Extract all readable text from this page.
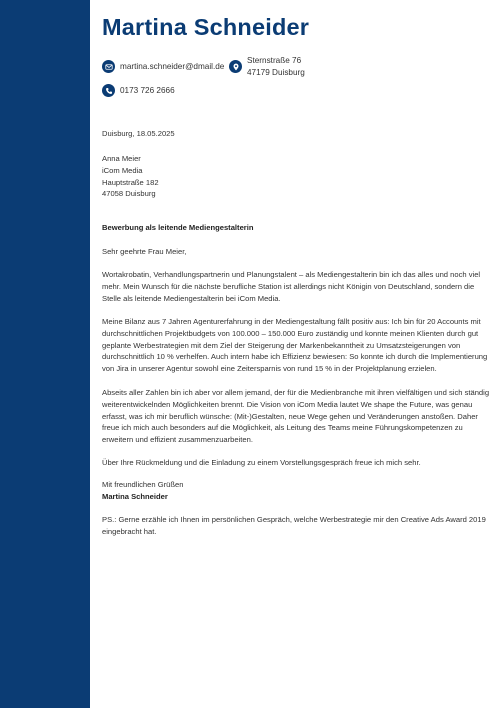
Martina Schneider
martina.schneider@dmail.de
Sternstraße 76
47179 Duisburg
0173 726 2666
Duisburg, 18.05.2025
Anna Meier
iCom Media
Hauptstraße 182
47058 Duisburg
Bewerbung als leitende Mediengestalterin
Sehr geehrte Frau Meier,
Wortakrobatin, Verhandlungspartnerin und Planungstalent – als Mediengestalterin bin ich das alles und noch viel
mehr. Mein Wunsch für die nächste berufliche Station ist allerdings nicht Königin von Deutschland, sondern die
Stelle als leitende Mediengestalterin bei iCom Media.
Meine Bilanz aus 7 Jahren Agenturerfahrung in der Mediengestaltung fällt positiv aus: Ich bin für 20 Accounts mit
durchschnittlichen Projektbudgets von 100.000 – 150.000 Euro zuständig und konnte meinen Klienten durch gut
geplante Werbestrategien mit dem Ziel der Steigerung der Markenbekanntheit zu Umsatzsteigerungen von
durchschnittlich 10 % verhelfen. Auch intern habe ich Effizienz bewiesen: So konnte ich durch die Implementierung
von Jira in unserer Agentur sowohl eine Zeitersparnis von rund 15 % in der Projektplanung erzielen.
Abseits aller Zahlen bin ich aber vor allem jemand, der für die Medienbranche mit ihren vielfältigen und sich ständig
weiterentwickelnden Möglichkeiten brennt. Die Vision von iCom Media lautet We shape the Future, was genau
erfasst, was ich mir beruflich wünsche: (Mit-)Gestalten, neue Wege gehen und Veränderungen anstoßen. Daher
freue ich mich auch besonders auf die Möglichkeit, als Leitung des Teams meine Führungskompetenzen zu
erweitern und effizient zusammenzuarbeiten.
Über Ihre Rückmeldung und die Einladung zu einem Vorstellungsgespräch freue ich mich sehr.
Mit freundlichen Grüßen
Martina Schneider
PS.: Gerne erzähle ich Ihnen im persönlichen Gespräch, welche Werbestrategie mir den Creative Ads Award 2019
eingebracht hat.
